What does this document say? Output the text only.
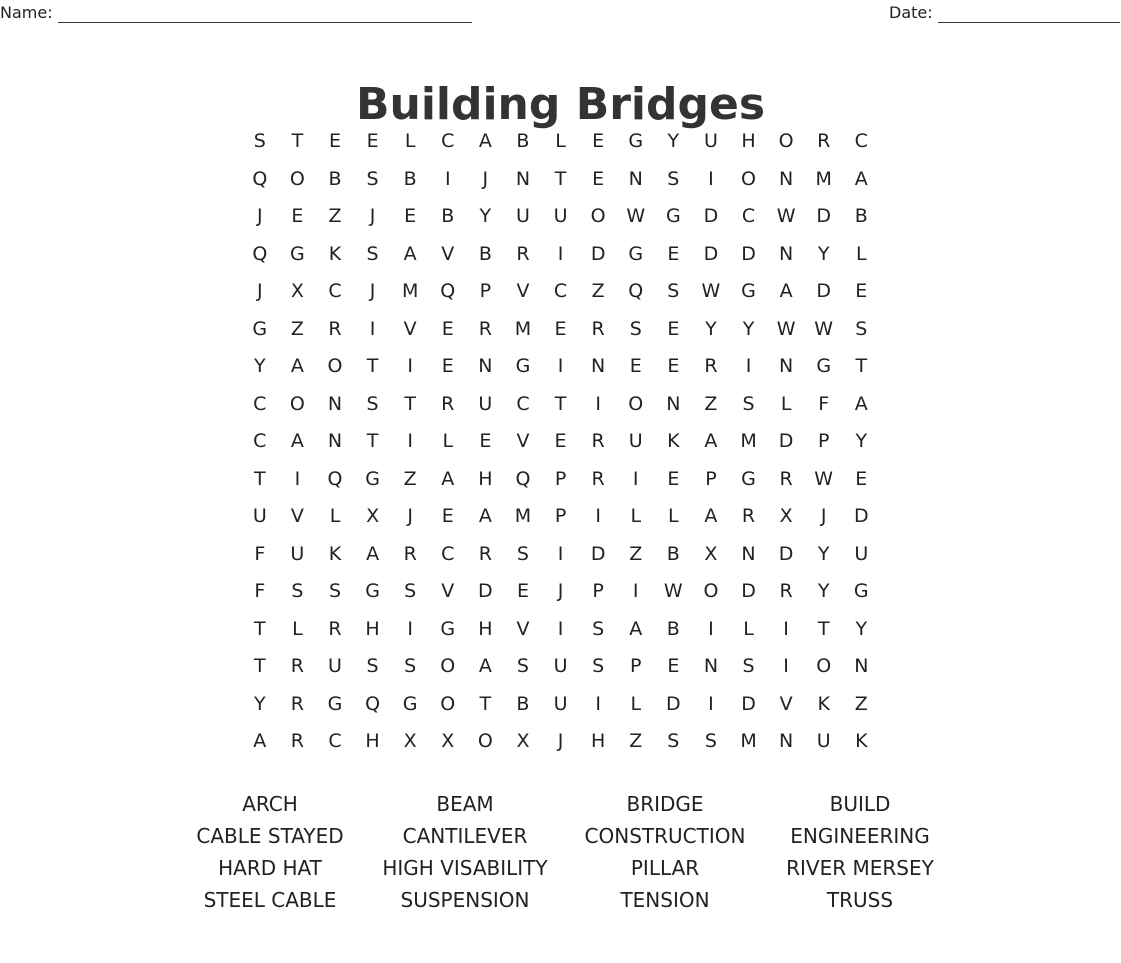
Name:	Date:
Building Bridges
S	T	E	E	L	C	A	B	L	E	G	Y	U	H	O	R	C
Q	O	B	S	B	I	J	N	T	E	N	S	I	O	N	M	A
J	E	Z	J	E	B	Y	U	U	O	W	G	D	C	W	D	B
Q	G	K	S	A	V	B	R	I	D	G	E	D	D	N	Y	L
J	X	C	J	M	Q	P	V	C	Z	Q	S	W	G	A	D	E
G	Z	R	I	V	E	R	M	E	R	S	E	Y	Y	W W	S
Y	A	O	T	I	E	N	G	I	N	E	E	R	I	N	G	T
C	O	N	S	T	R	U	C	T	I	O	N	Z	S	L	F	A
C	A	N	T	I	L	E	V	E	R	U	K	A	M	D	P	Y
T	I	Q	G	Z	A	H	Q	P	R	I	E	P	G	R	W	E
U	V	L	X	J	E	A	M	P	I	L	L	A	R	X	J	D
F	U	K	A	R	C	R	S	I	D	Z	B	X	N	D	Y	U
F	S	S	G	S	V	D	E	J	P	I	W	O	D	R	Y	G
T	L	R	H	I	G	H	V	I	S	A	B	I	L	I	T	Y
T	R	U	S	S	O	A	S	U	S	P	E	N	S	I	O	N
Y	R	G	Q	G	O	T	B	U	I	L	D	I	D	V	K	Z
A	R	C	H	X	X	O	X	J	H	Z	S	S	M	N	U	K
ARCH	BEAM	BRIDGE	BUILD
CABLE STAYED	CANTILEVER	CONSTRUCTION	ENGINEERING
HARD HAT	HIGH VISABILITY	PILLAR	RIVER MERSEY
STEEL CABLE	SUSPENSION	TENSION	TRUSS
